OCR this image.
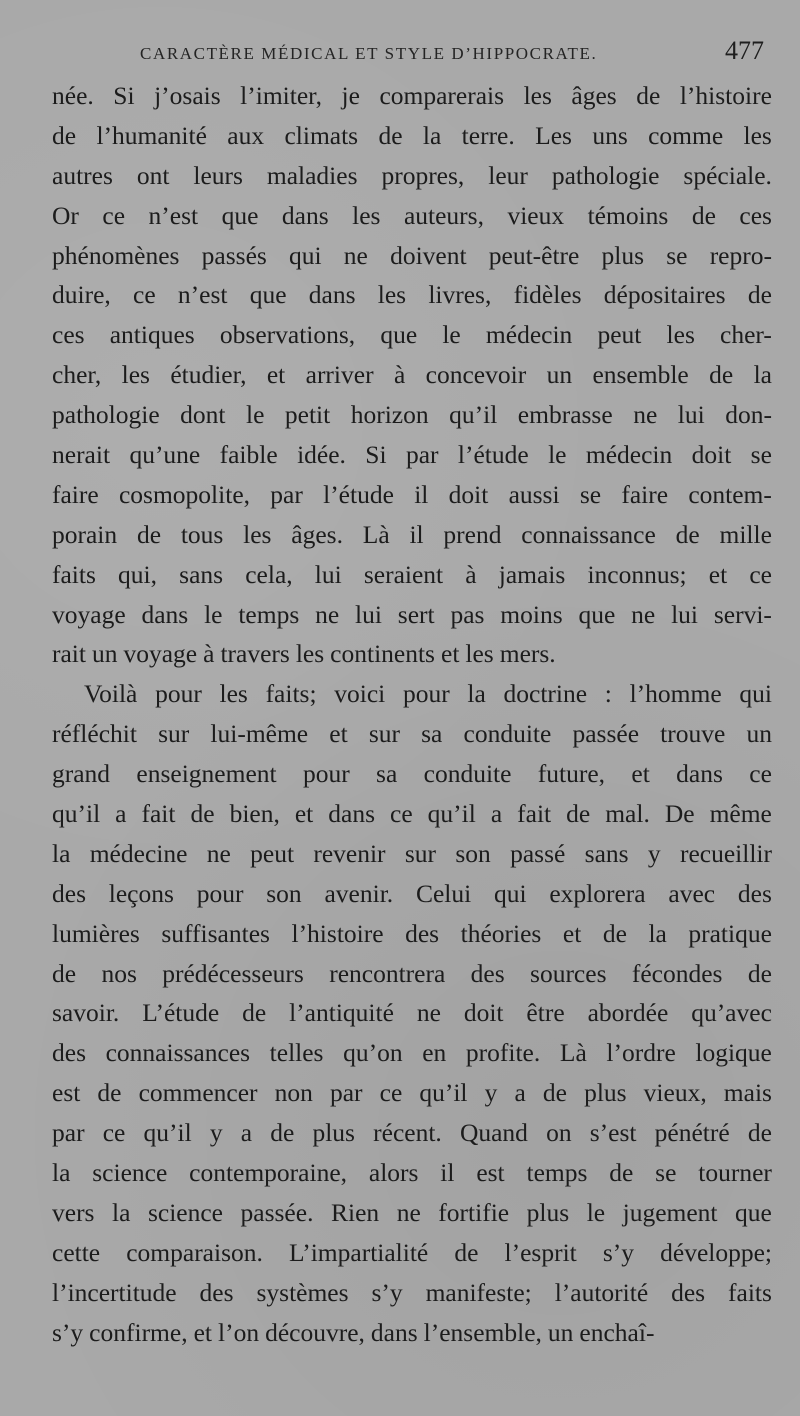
CARACTÈRE MÉDICAL ET STYLE D’HIPPOCRATE.	477
née. Si j’osais l’imiter, je comparerais les âges de l’histoire
de l’humanité aux climats de la terre. Les uns comme les
autres ont leurs maladies propres, leur pathologie spéciale.
Or ce n’est que dans les auteurs, vieux témoins de ces
phénomènes passés qui ne doivent peut-être plus se repro-
duire, ce n’est que dans les livres, fidèles dépositaires de
ces antiques observations, que le médecin peut les cher-
cher, les étudier, et arriver à concevoir un ensemble de la
pathologie dont le petit horizon qu’il embrasse ne lui don-
nerait qu’une faible idée. Si par l’étude le médecin doit se
faire cosmopolite, par l’étude il doit aussi se faire contem-
porain de tous les âges. Là il prend connaissance de mille
faits qui, sans cela, lui seraient à jamais inconnus; et ce
voyage dans le temps ne lui sert pas moins que ne lui servi-
rait un voyage à travers les continents et les mers.
Voilà pour les faits; voici pour la doctrine : l’homme qui
réfléchit sur lui-même et sur sa conduite passée trouve un
grand enseignement pour sa conduite future, et dans ce
qu’il a fait de bien, et dans ce qu’il a fait de mal. De même
la médecine ne peut revenir sur son passé sans y recueillir
des leçons pour son avenir. Celui qui explorera avec des
lumières suffisantes l’histoire des théories et de la pratique
de nos prédécesseurs rencontrera des sources fécondes de
savoir. L’étude de l’antiquité ne doit être abordée qu’avec
des connaissances telles qu’on en profite. Là l’ordre logique
est de commencer non par ce qu’il y a de plus vieux, mais
par ce qu’il y a de plus récent. Quand on s’est pénétré de
la science contemporaine, alors il est temps de se tourner
vers la science passée. Rien ne fortifie plus le jugement que
cette comparaison. L’impartialité de l’esprit s’y développe;
l’incertitude des systèmes s’y manifeste; l’autorité des faits
s’y confirme, et l’on découvre, dans l’ensemble, un enchaî-
